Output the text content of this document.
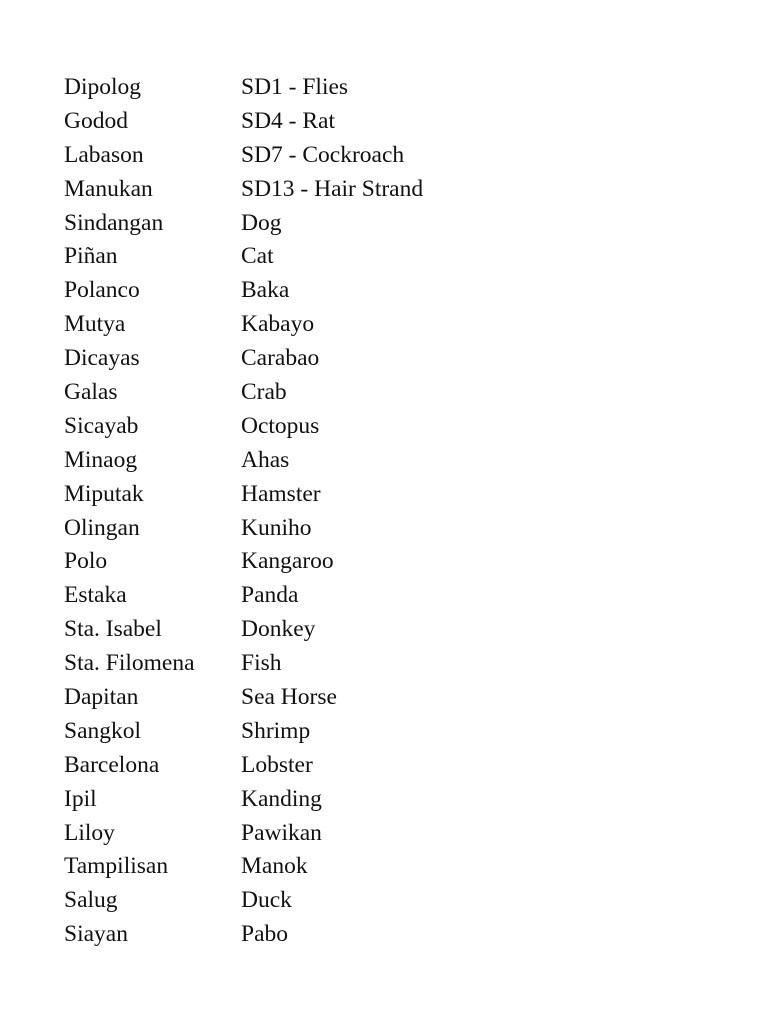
Dipolog	SD1 - Flies
Godod	SD4 - Rat
Labason	SD7 - Cockroach
Manukan	SD13 - Hair Strand
Sindangan	Dog
Piñan	Cat
Polanco	Baka
Mutya	Kabayo
Dicayas	Carabao
Galas	Crab
Sicayab	Octopus
Minaog	Ahas
Miputak	Hamster
Olingan	Kuniho
Polo	Kangaroo
Estaka	Panda
Sta. Isabel	Donkey
Sta. Filomena	Fish
Dapitan	Sea Horse
Sangkol	Shrimp
Barcelona	Lobster
Ipil	Kanding
Liloy	Pawikan
Tampilisan	Manok
Salug	Duck
Siayan	Pabo
